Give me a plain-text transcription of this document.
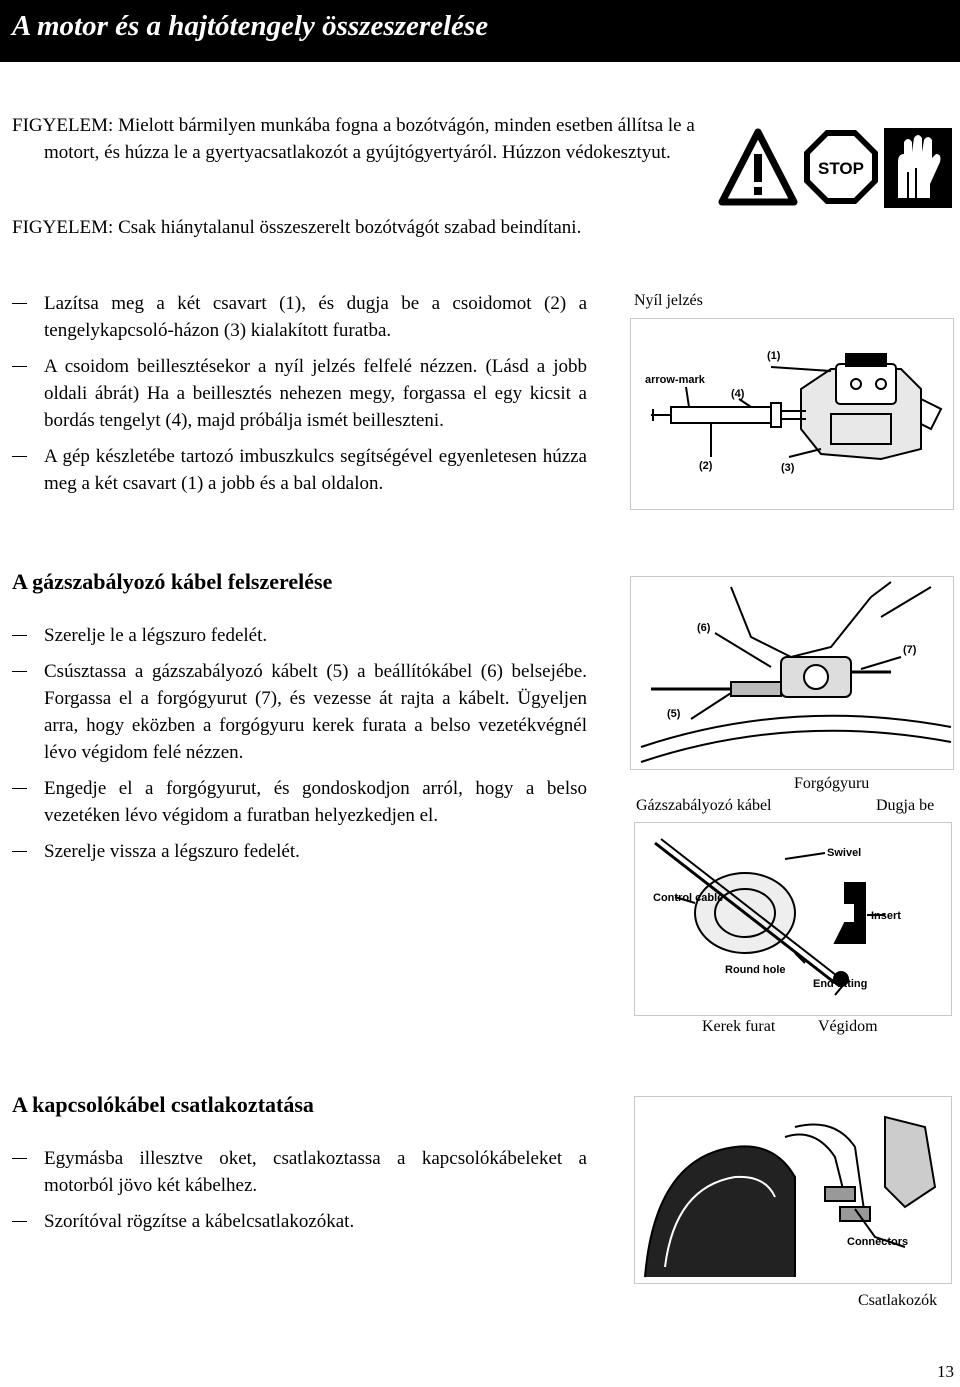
A motor és a hajtótengely összeszerelése

FIGYELEM: Mielott bármilyen munkába fogna a bozótvágón, minden esetben állítsa le a motort, és húzza le a gyertyacsatlakozót a gyújtógyertyáról. Húzzon védokesztyut.

FIGYELEM: Csak hiánytalanul összeszerelt bozótvágót szabad beindítani.

STOP
Lazítsa meg a két csavart (1), és dugja be a csoidomot (2) a tengelykapcsoló-házon (3) kialakított furatba.
A csoidom beillesztésekor a nyíl jelzés felfelé nézzen. (Lásd a jobb oldali ábrát) Ha a beillesztés nehezen megy, forgassa el egy kicsit a bordás tengelyt (4), majd próbálja ismét beilleszteni.
A gép készletébe tartozó imbuszkulcs segítségével egyenletesen húzza meg a két csavart (1) a jobb és a bal oldalon.
Nyíl jelzés
arrow-mark
(1)
(4)
(2)	(3)
A gázszabályozó kábel felszerelése
Szerelje le a légszuro fedelét.
Csúsztassa a gázszabályozó kábelt (5) a beállítókábel (6) belsejébe. Forgassa el a forgógyurut (7), és vezesse át rajta a kábelt. Ügyeljen arra, hogy eközben a forgógyuru kerek furata a belso vezetékvégnél lévo végidom felé nézzen.
Engedje el a forgógyurut, és gondoskodjon arról, hogy a belso vezetéken lévo végidom a furatban helyezkedjen el.
Szerelje vissza a légszuro fedelét.
(6)
(7)
(5)
Forgógyuru
Gázszabályozó kábel	Dugja be
Swivel
Control cable
Insert
Round hole
End fitting
Kerek furat	Végidom
A kapcsolókábel csatlakoztatása
Egymásba illesztve oket, csatlakoztassa a kapcsolókábeleket a motorból jövo két kábelhez.
Szorítóval rögzítse a kábelcsatlakozókat.
Connectors
Csatlakozók
13
